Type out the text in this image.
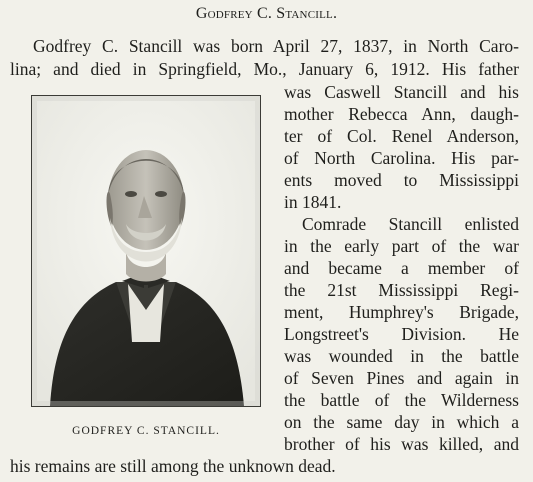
Godfrey C. Stancill.
Godfrey C. Stancill was born April 27, 1837, in North Caro-
lina; and died in Springfield, Mo., January 6, 1912. His father
was Caswell Stancill and his
mother Rebecca Ann, daugh-
ter of Col. Renel Anderson,
of North Carolina. His par-
ents moved to Mississippi
in 1841.
Comrade Stancill enlisted
in the early part of the war
and became a member of
the 21st Mississippi Regi-
ment, Humphrey's Brigade,
Longstreet's Division. He
was wounded in the battle
of Seven Pines and again in
the battle of the Wilderness
on the same day in which a
brother of his was killed, and
his remains are still among the unknown dead.
GODFREY C. STANCILL.
